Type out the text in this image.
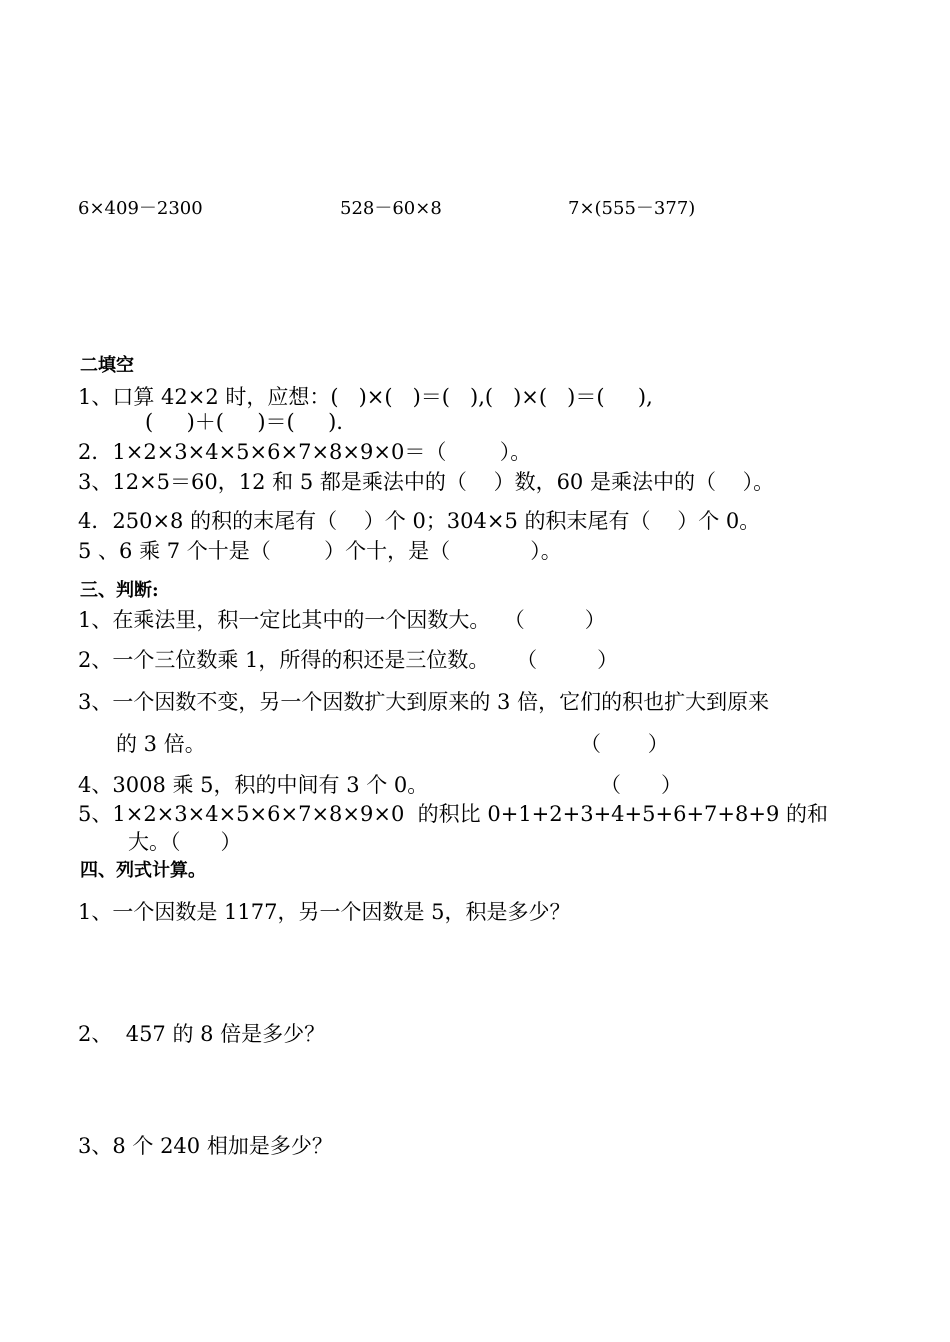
6×409－2300	528－60×8	7×(555－377)
二填空
1、口算 42×2 时，应想：(   )×(   )＝(   ),(   )×(   )＝(     ),
(     )＋(     )＝(     ).
2．1×2×3×4×5×6×7×8×9×0＝（        ）。
3、12×5＝60，12 和 5 都是乘法中的（    ）数，60 是乘法中的（    ）。
4．250×8 的积的末尾有（    ）个 0；304×5 的积末尾有（    ）个 0。
5 、6 乘 7 个十是（        ）个十，是（            ）。
三、判断:
1、在乘法里，积一定比其中的一个因数大。  （         ）
2、一个三位数乘 1，所得的积还是三位数。    （         ）
3、一个因数不变，另一个因数扩大到原来的 3 倍，它们的积也扩大到原来
的 3 倍。	（       ）
4、3008 乘 5，积的中间有 3 个 0。	（      ）
5、1×2×3×4×5×6×7×8×9×0  的积比 0+1+2+3+4+5+6+7+8+9 的和
大。（      ）
四、列式计算。
1、一个因数是 1177，另一个因数是 5，积是多少？
2、  457 的 8 倍是多少？
3、8 个 240 相加是多少？
